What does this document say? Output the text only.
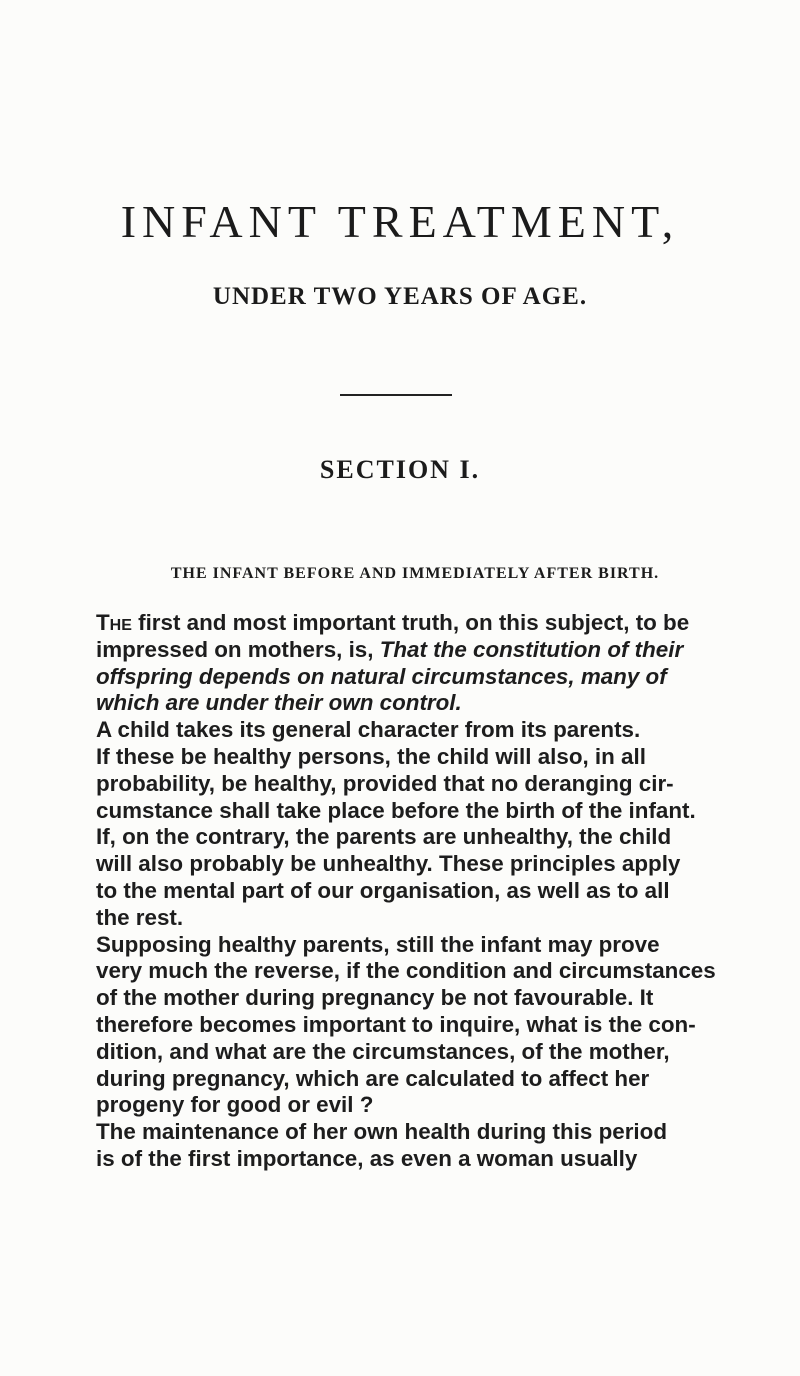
INFANT TREATMENT,
UNDER TWO YEARS OF AGE.
SECTION I.
THE INFANT BEFORE AND IMMEDIATELY AFTER BIRTH.
The first and most important truth, on this subject, to be
impressed on mothers, is, That the constitution of their
offspring depends on natural circumstances, many of
which are under their own control.
A child takes its general character from its parents.
If these be healthy persons, the child will also, in all
probability, be healthy, provided that no deranging cir-
cumstance shall take place before the birth of the infant.
If, on the contrary, the parents are unhealthy, the child
will also probably be unhealthy. These principles apply
to the mental part of our organisation, as well as to all
the rest.
Supposing healthy parents, still the infant may prove
very much the reverse, if the condition and circumstances
of the mother during pregnancy be not favourable. It
therefore becomes important to inquire, what is the con-
dition, and what are the circumstances, of the mother,
during pregnancy, which are calculated to affect her
progeny for good or evil ?
The maintenance of her own health during this period
is of the first importance, as even a woman usually
